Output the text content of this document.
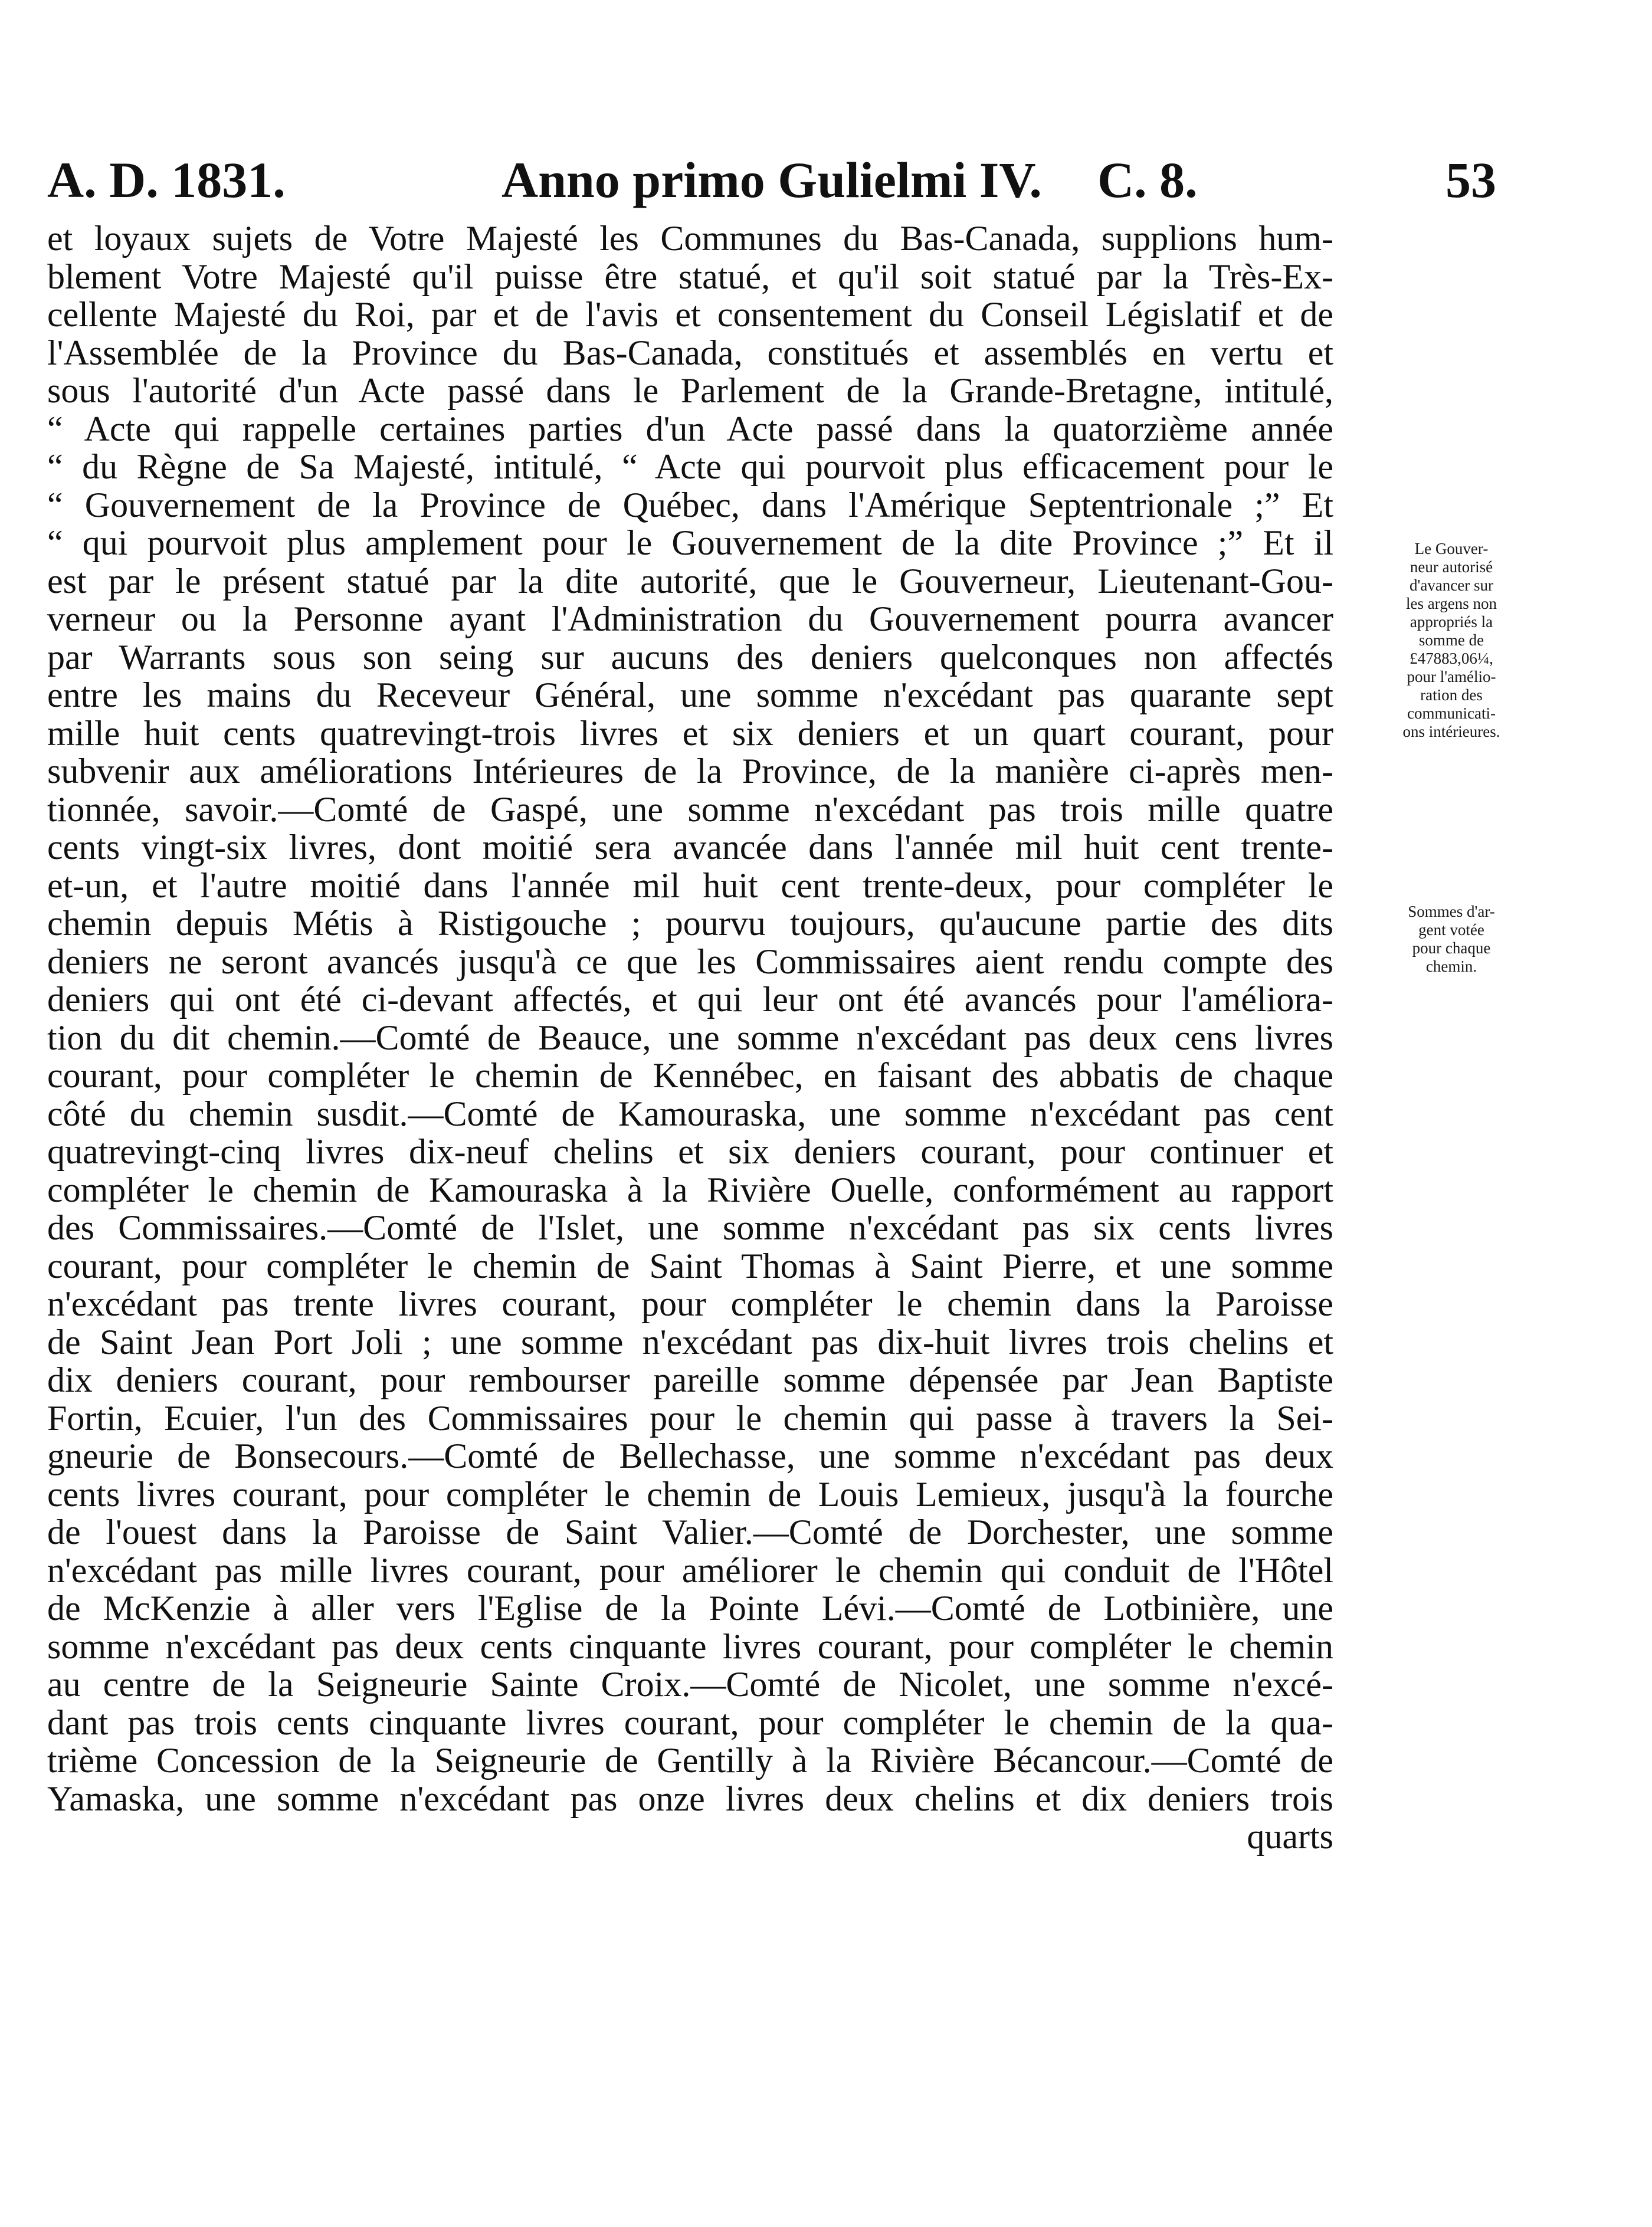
A. D. 1831.	Anno primo Gulielmi IV. C. 8.	53
et loyaux sujets de Votre Majesté les Communes du Bas-Canada, supplions hum-
blement Votre Majesté qu'il puisse être statué, et qu'il soit statué par la Très-Ex-
cellente Majesté du Roi, par et de l'avis et consentement du Conseil Législatif et de
l'Assemblée de la Province du Bas-Canada, constitués et assemblés en vertu et
sous l'autorité d'un Acte passé dans le Parlement de la Grande-Bretagne, intitulé,
“ Acte qui rappelle certaines parties d'un Acte passé dans la quatorzième année
“ du Règne de Sa Majesté, intitulé, “ Acte qui pourvoit plus efficacement pour le
“ Gouvernement de la Province de Québec, dans l'Amérique Septentrionale ;” Et
“ qui pourvoit plus amplement pour le Gouvernement de la dite Province ;” Et il
est par le présent statué par la dite autorité, que le Gouverneur, Lieutenant-Gou-
verneur ou la Personne ayant l'Administration du Gouvernement pourra avancer
par Warrants sous son seing sur aucuns des deniers quelconques non affectés
entre les mains du Receveur Général, une somme n'excédant pas quarante sept
mille huit cents quatrevingt-trois livres et six deniers et un quart courant, pour
subvenir aux améliorations Intérieures de la Province, de la manière ci-après men-
tionnée, savoir.—Comté de Gaspé, une somme n'excédant pas trois mille quatre
cents vingt-six livres, dont moitié sera avancée dans l'année mil huit cent trente-
et-un, et l'autre moitié dans l'année mil huit cent trente-deux, pour compléter le
chemin depuis Métis à Ristigouche ; pourvu toujours, qu'aucune partie des dits
deniers ne seront avancés jusqu'à ce que les Commissaires aient rendu compte des
deniers qui ont été ci-devant affectés, et qui leur ont été avancés pour l'améliora-
tion du dit chemin.—Comté de Beauce, une somme n'excédant pas deux cens livres
courant, pour compléter le chemin de Kennébec, en faisant des abbatis de chaque
côté du chemin susdit.—Comté de Kamouraska, une somme n'excédant pas cent
quatrevingt-cinq livres dix-neuf chelins et six deniers courant, pour continuer et
compléter le chemin de Kamouraska à la Rivière Ouelle, conformément au rapport
des Commissaires.—Comté de l'Islet, une somme n'excédant pas six cents livres
courant, pour compléter le chemin de Saint Thomas à Saint Pierre, et une somme
n'excédant pas trente livres courant, pour compléter le chemin dans la Paroisse
de Saint Jean Port Joli ; une somme n'excédant pas dix-huit livres trois chelins et
dix deniers courant, pour rembourser pareille somme dépensée par Jean Baptiste
Fortin, Ecuier, l'un des Commissaires pour le chemin qui passe à travers la Sei-
gneurie de Bonsecours.—Comté de Bellechasse, une somme n'excédant pas deux
cents livres courant, pour compléter le chemin de Louis Lemieux, jusqu'à la fourche
de l'ouest dans la Paroisse de Saint Valier.—Comté de Dorchester, une somme
n'excédant pas mille livres courant, pour améliorer le chemin qui conduit de l'Hôtel
de McKenzie à aller vers l'Eglise de la Pointe Lévi.—Comté de Lotbinière, une
somme n'excédant pas deux cents cinquante livres courant, pour compléter le chemin
au centre de la Seigneurie Sainte Croix.—Comté de Nicolet, une somme n'excé-
dant pas trois cents cinquante livres courant, pour compléter le chemin de la qua-
trième Concession de la Seigneurie de Gentilly à la Rivière Bécancour.—Comté de
Yamaska, une somme n'excédant pas onze livres deux chelins et dix deniers trois
quarts
Le Gouver-
neur autorisé
d'avancer sur
les argens non
appropriés la
somme de
£47883,06¼,
pour l'amélio-
ration des
communicati-
ons intérieures.
Sommes d'ar-
gent votée
pour chaque
chemin.
